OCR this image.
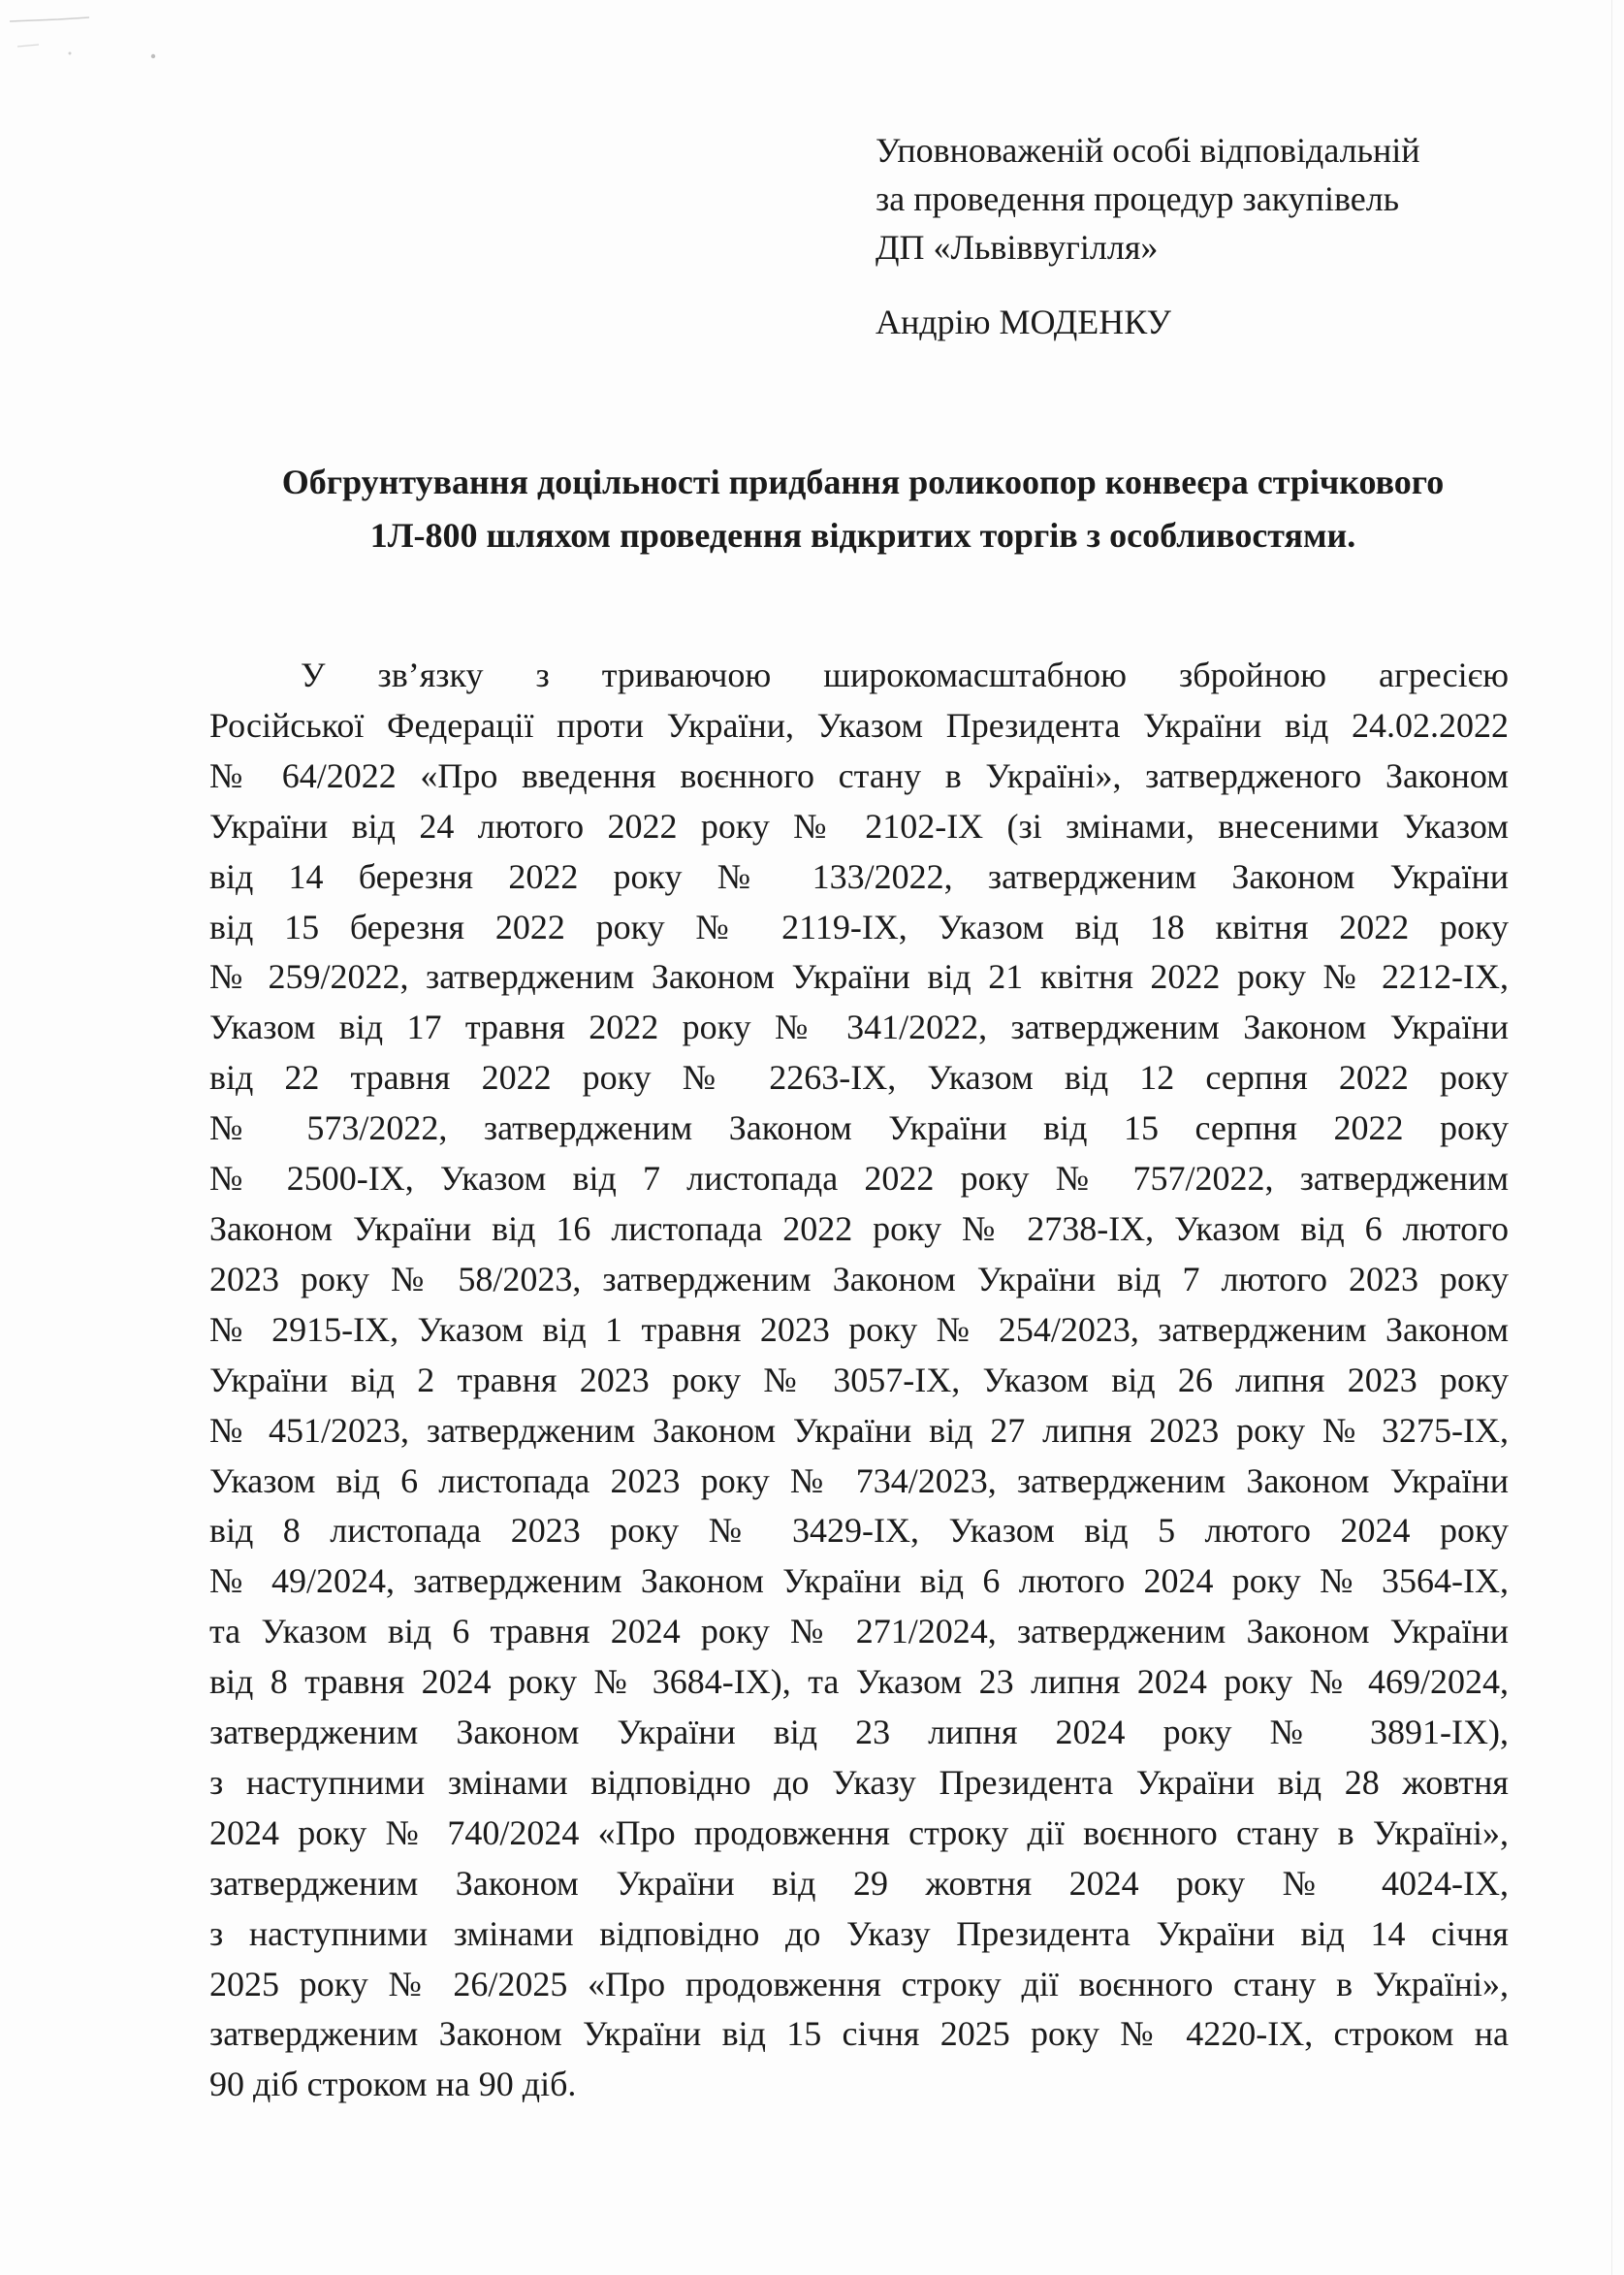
Уповноваженій особі відповідальній
за проведення процедур закупівель
ДП «Львіввугілля»
Андрію МОДЕНКУ
Обгрунтування доцільності придбання роликоопор конвеєра стрічкового
1Л-800 шляхом проведення відкритих торгів з особливостями.
У зв’язку з триваючою широкомасштабною збройною агресією
Російської Федерації проти України, Указом Президента України від 24.02.2022
№ 64/2022 «Про введення воєнного стану в Україні», затвердженого Законом
України від 24 лютого 2022 року № 2102-IX (зі змінами, внесеними Указом
від 14 березня 2022 року № 133/2022, затвердженим Законом України
від 15 березня 2022 року № 2119-IX, Указом від 18 квітня 2022 року
№ 259/2022, затвердженим Законом України від 21 квітня 2022 року № 2212-IX,
Указом від 17 травня 2022 року № 341/2022, затвердженим Законом України
від 22 травня 2022 року № 2263-IX, Указом від 12 серпня 2022 року
№ 573/2022, затвердженим Законом України від 15 серпня 2022 року
№ 2500-IX, Указом від 7 листопада 2022 року № 757/2022, затвердженим
Законом України від 16 листопада 2022 року № 2738-IX, Указом від 6 лютого
2023 року № 58/2023, затвердженим Законом України від 7 лютого 2023 року
№ 2915-IX, Указом від 1 травня 2023 року № 254/2023, затвердженим Законом
України від 2 травня 2023 року № 3057-IX, Указом від 26 липня 2023 року
№ 451/2023, затвердженим Законом України від 27 липня 2023 року № 3275-IX,
Указом від 6 листопада 2023 року № 734/2023, затвердженим Законом України
від 8 листопада 2023 року № 3429-IX, Указом від 5 лютого 2024 року
№ 49/2024, затвердженим Законом України від 6 лютого 2024 року № 3564-IX,
та Указом від 6 травня 2024 року № 271/2024, затвердженим Законом України
від 8 травня 2024 року № 3684-IX), та Указом 23 липня 2024 року № 469/2024,
затвердженим Законом України від 23 липня 2024 року № 3891-IX),
з наступними змінами відповідно до Указу Президента України від 28 жовтня
2024 року № 740/2024 «Про продовження строку дії воєнного стану в Україні»,
затвердженим Законом України від 29 жовтня 2024 року № 4024-IX,
з наступними змінами відповідно до Указу Президента України від 14 січня
2025 року № 26/2025 «Про продовження строку дії воєнного стану в Україні»,
затвердженим Законом України від 15 січня 2025 року № 4220-IX, строком на
90 діб строком на 90 діб.
